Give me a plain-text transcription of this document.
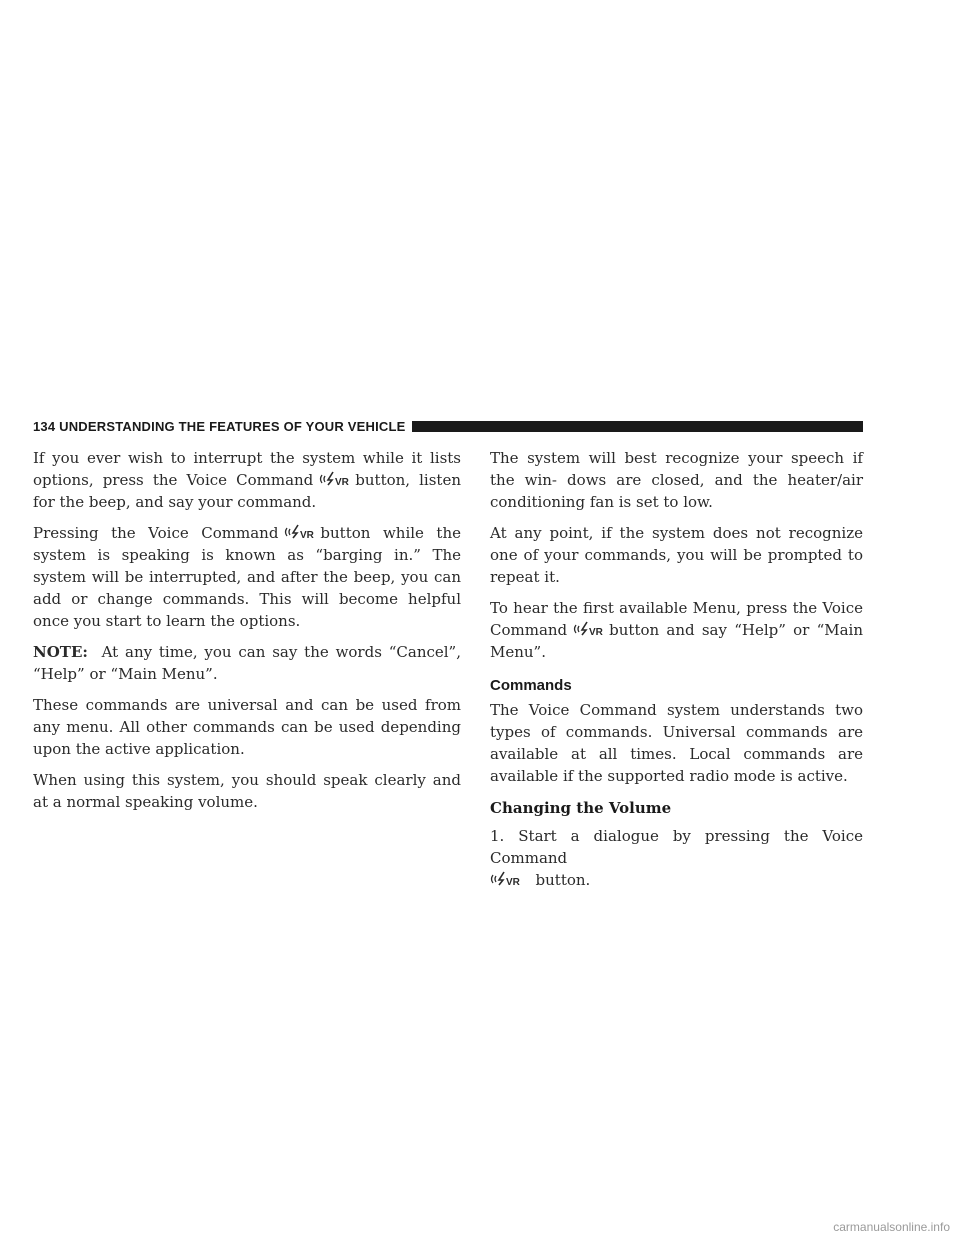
134 UNDERSTANDING THE FEATURES OF YOUR VEHICLE

If you ever wish to interrupt the system while it lists options, press the Voice Command VR button, listen for the beep, and say your command.

Pressing the Voice Command VR button while the system is speaking is known as “barging in.” The system will be interrupted, and after the beep, you can add or change commands. This will become helpful once you start to learn the options.

NOTE: At any time, you can say the words “Cancel”, “Help” or “Main Menu”.

These commands are universal and can be used from any menu. All other commands can be used depending upon the active application.

When using this system, you should speak clearly and at a normal speaking volume.

The system will best recognize your speech if the win- dows are closed, and the heater/air conditioning fan is set to low.

At any point, if the system does not recognize one of your commands, you will be prompted to repeat it.

To hear the first available Menu, press the Voice Command VR button and say “Help” or “Main Menu”.

Commands

The Voice Command system understands two types of commands. Universal commands are available at all times. Local commands are available if the supported radio mode is active.

Changing the Volume

1. Start a dialogue by pressing the Voice Command

VR button.

carmanualsonline.info
